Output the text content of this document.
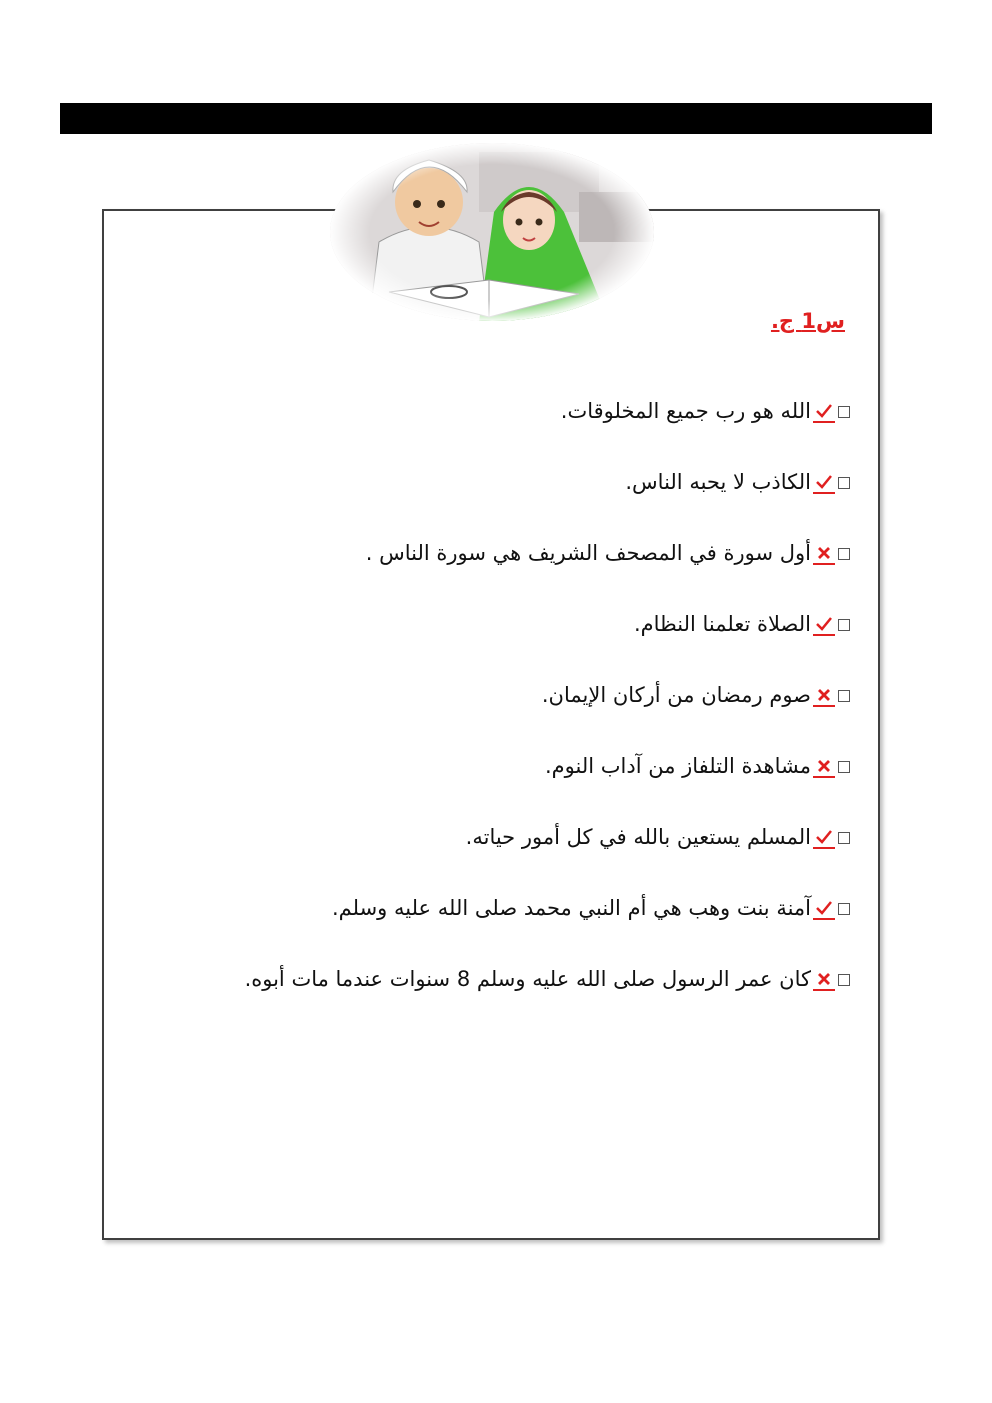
س1 ج.
الله هو رب جميع المخلوقات.
الكاذب لا يحبه الناس.
أول سورة في المصحف الشريف هي سورة الناس .
الصلاة تعلمنا النظام.
صوم رمضان من أركان الإيمان.
مشاهدة التلفاز من آداب النوم.
المسلم يستعين بالله في كل أمور حياته.
آمنة بنت وهب هي أم النبي محمد صلى الله عليه وسلم.
كان عمر الرسول صلى الله عليه وسلم 8 سنوات عندما مات أبوه.
